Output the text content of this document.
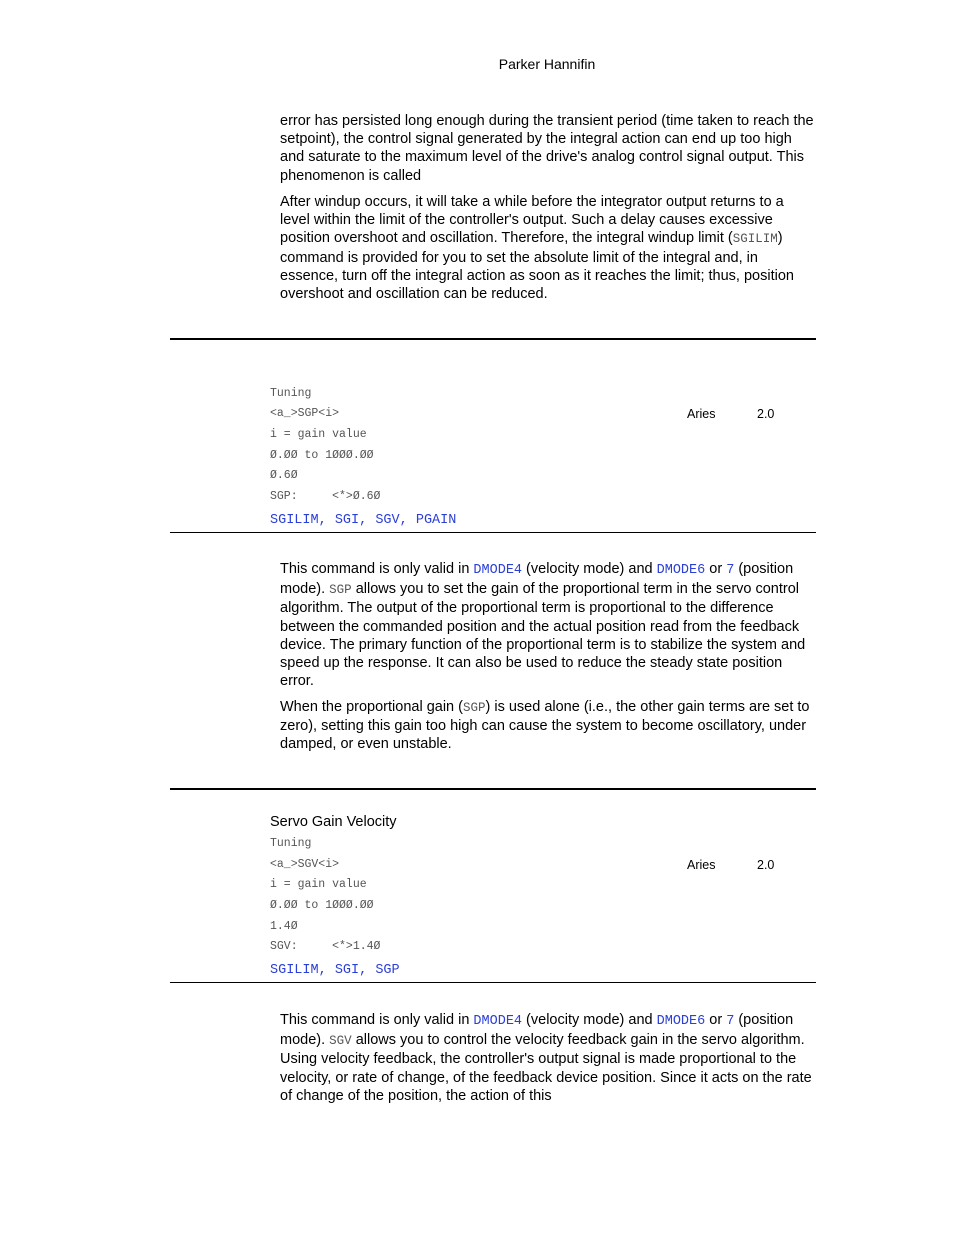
Parker Hannifin

error has persisted long enough during the transient period (time taken to reach the setpoint), the control signal generated by the integral action can end up too high and saturate to the maximum level of the drive's analog control signal output. This phenomenon is called

After windup occurs, it will take a while before the integrator output returns to a level within the limit of the controller's output. Such a delay causes excessive position overshoot and oscillation. Therefore, the integral windup limit (SGILIM) command is provided for you to set the absolute limit of the integral and, in essence, turn off the integral action as soon as it reaches the limit; thus, position overshoot and oscillation can be reduced.

Tuning
<a_>SGP<i>	Aries	2.0
i = gain value
Ø.ØØ to 1ØØØ.ØØ
Ø.6Ø
SGP:     <*>Ø.6Ø
SGILIM, SGI, SGV, PGAIN

This command is only valid in DMODE4 (velocity mode) and DMODE6 or 7 (position mode). SGP allows you to set the gain of the proportional term in the servo control algorithm. The output of the proportional term is proportional to the difference between the commanded position and the actual position read from the feedback device. The primary function of the proportional term is to stabilize the system and speed up the response. It can also be used to reduce the steady state position error.

When the proportional gain (SGP) is used alone (i.e., the other gain terms are set to zero), setting this gain too high can cause the system to become oscillatory, under damped, or even unstable.

Servo Gain Velocity
Tuning
<a_>SGV<i>	Aries	2.0
i = gain value
Ø.ØØ to 1ØØØ.ØØ
1.4Ø
SGV:     <*>1.4Ø
SGILIM, SGI, SGP

This command is only valid in DMODE4 (velocity mode) and DMODE6 or 7 (position mode). SGV allows you to control the velocity feedback gain in the servo algorithm. Using velocity feedback, the controller's output signal is made proportional to the velocity, or rate of change, of the feedback device position. Since it acts on the rate of change of the position, the action of this
